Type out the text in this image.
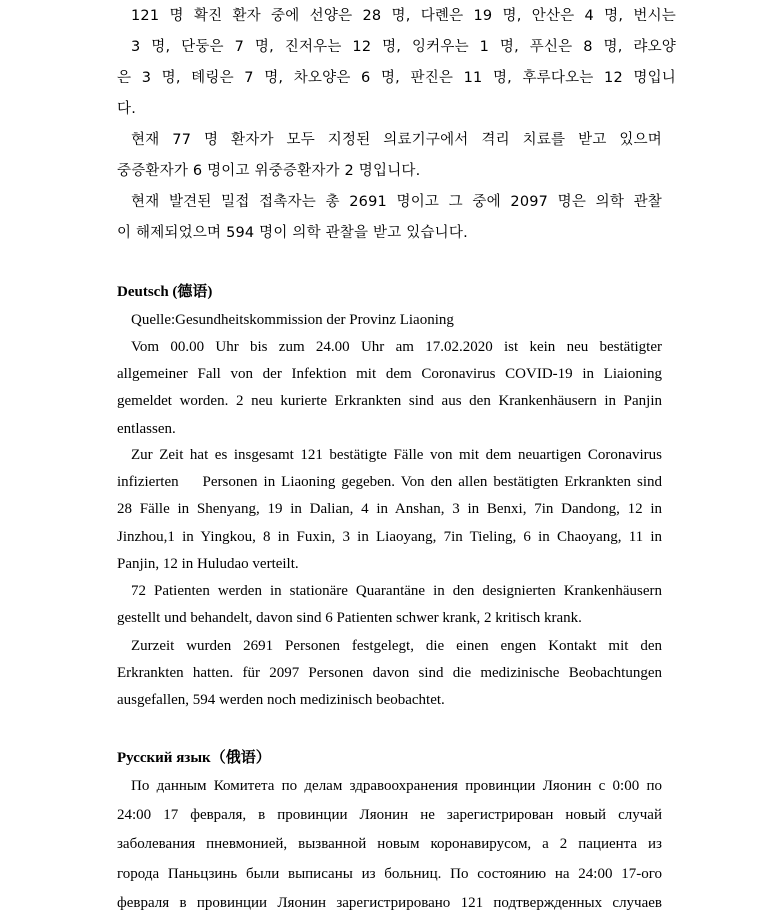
121 명 확진 환자 중에 선양은 28 명, 다롄은 19 명, 안산은 4 명, 번시는
3 명, 단둥은 7 명, 진저우는 12 명, 잉커우는 1 명, 푸신은 8 명, 랴오양
은 3 명, 톄링은 7 명, 차오양은 6 명, 판진은 11 명, 후루다오는 12 명입니
다.
현재 77 명 환자가 모두 지정된 의료기구에서 격리 치료를 받고 있으며
중증환자가 6 명이고 위중증환자가 2 명입니다.
현재 발견된 밀접 접촉자는 총 2691 명이고 그 중에 2097 명은 의학 관찰
이 해제되었으며 594 명이 의학 관찰을 받고 있습니다.
Deutsch (德语)
Quelle:Gesundheitskommission der Provinz Liaoning
Vom 00.00 Uhr bis zum 24.00 Uhr am 17.02.2020 ist kein neu bestätigter
allgemeiner Fall von der Infektion mit dem Coronavirus COVID-19 in Liaioning
gemeldet worden. 2 neu kurierte Erkrankten sind aus den Krankenhäusern in Panjin
entlassen.
Zur Zeit hat es insgesamt 121 bestätigte Fälle von mit dem neuartigen Coronavirus
infizierten    Personen in Liaoning gegeben. Von den allen bestätigten Erkrankten sind
28 Fälle in Shenyang, 19 in Dalian, 4 in Anshan, 3 in Benxi, 7in Dandong, 12 in
Jinzhou,1 in Yingkou, 8 in Fuxin, 3 in Liaoyang, 7in Tieling, 6 in Chaoyang, 11 in
Panjin, 12 in Huludao verteilt.
72 Patienten werden in stationäre Quarantäne in den designierten Krankenhäusern
gestellt und behandelt, davon sind 6 Patienten schwer krank, 2 kritisch krank.
Zurzeit wurden 2691 Personen festgelegt, die einen engen Kontakt mit den
Erkrankten hatten. für 2097 Personen davon sind die medizinische Beobachtungen
ausgefallen, 594 werden noch medizinisch beobachtet.
Русский язык（俄语）
По данным Комитета по делам здравоохранения провинции Ляонин с 0:00 по
24:00 17 февраля, в провинции Ляонин не зарегистрирован новый случай
заболевания пневмонией, вызванной новым коронавирусом, а 2 пациента из
города Паньцзинь были выписаны из больниц. По состоянию на 24:00 17-ого
февраля в провинции Ляонин зарегистрировано 121 подтвержденных случаев
